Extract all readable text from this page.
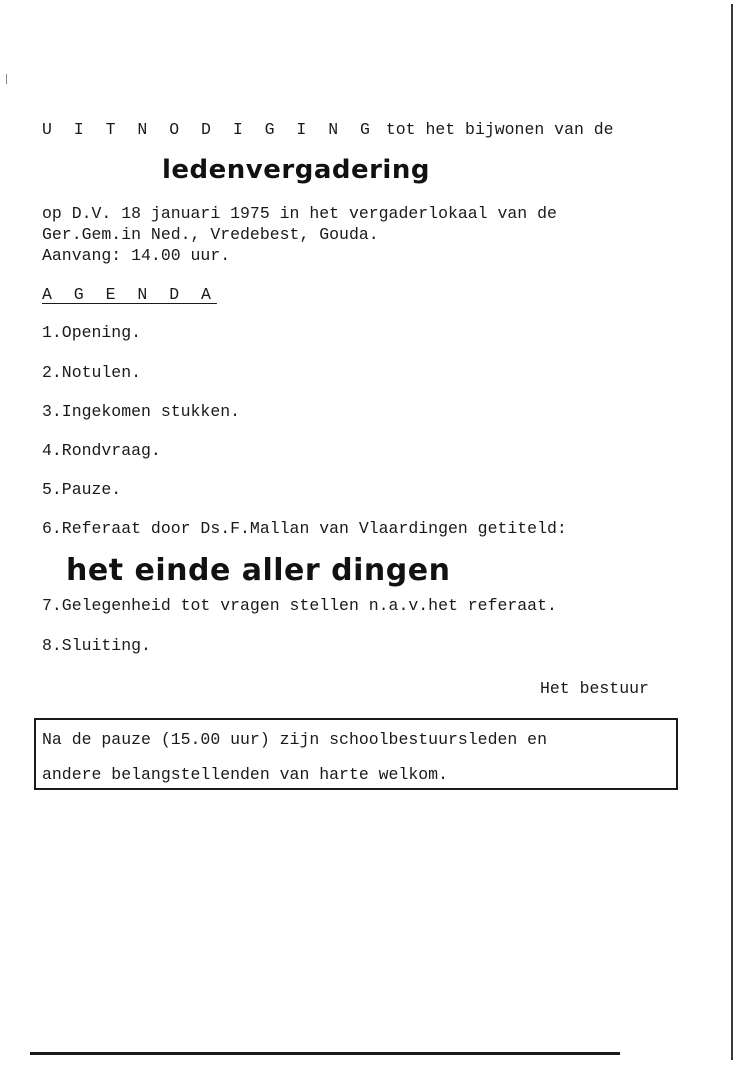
U I T N O D I G I N G tot het bijwonen van de
ledenvergadering
op D.V. 18 januari 1975 in het vergaderlokaal van de
Ger.Gem.in Ned., Vredebest, Gouda.
Aanvang: 14.00 uur.
A G E N D A
1.Opening.
2.Notulen.
3.Ingekomen stukken.
4.Rondvraag.
5.Pauze.
6.Referaat door Ds.F.Mallan van Vlaardingen getiteld:
het einde aller dingen
7.Gelegenheid tot vragen stellen n.a.v.het referaat.
8.Sluiting.
Het bestuur
Na de pauze (15.00 uur) zijn schoolbestuursleden en
andere belangstellenden van harte welkom.
